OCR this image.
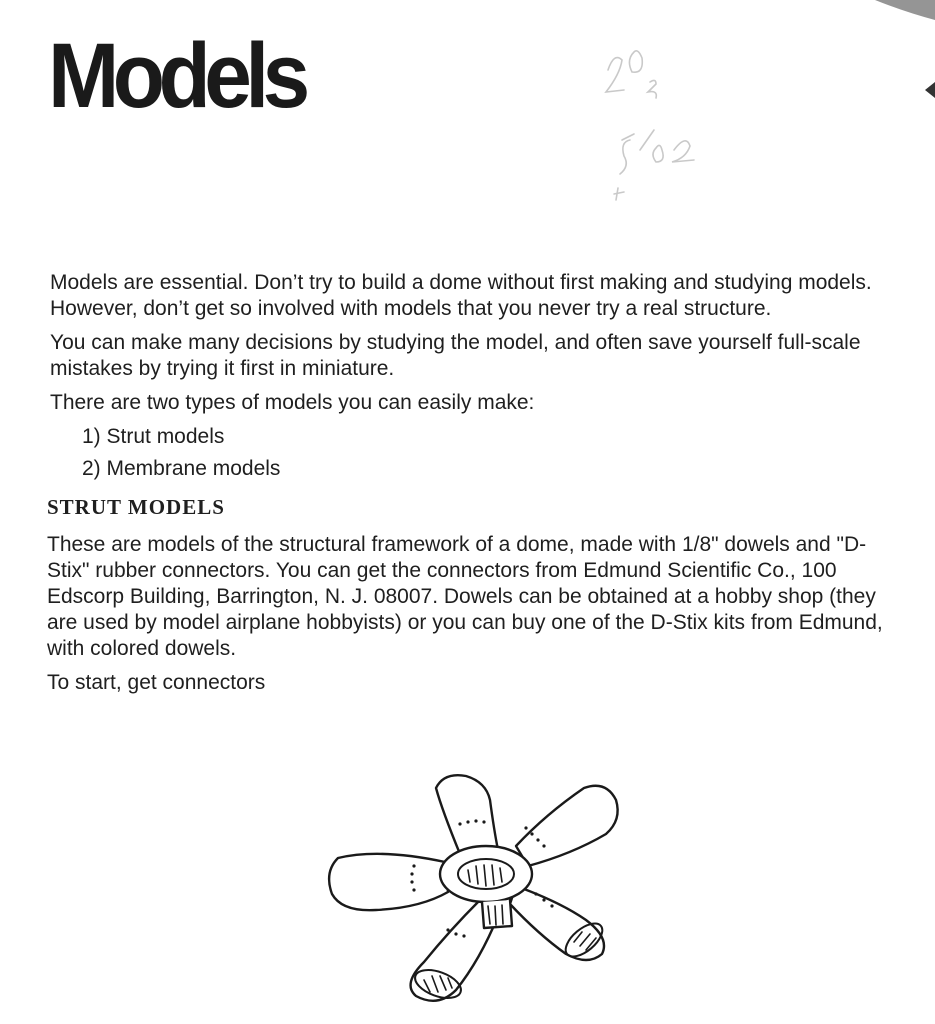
Models

Models are essential. Don’t try to build a dome without first making and studying models. However, don’t get so involved with models that you never try a real structure.

You can make many decisions by studying the model, and often save yourself full-scale mistakes by trying it first in miniature.

There are two types of models you can easily make:

1) Strut models
2) Membrane models
STRUT MODELS

These are models of the structural framework of a dome, made with 1/8" dowels and "D-Stix" rubber connectors. You can get the connectors from Edmund Scientific Co., 100 Edscorp Building, Barrington, N. J. 08007. Dowels can be obtained at a hobby shop (they are used by model airplane hobbyists) or you can buy one of the D-Stix kits from Edmund, with colored dowels.

To start, get connectors
